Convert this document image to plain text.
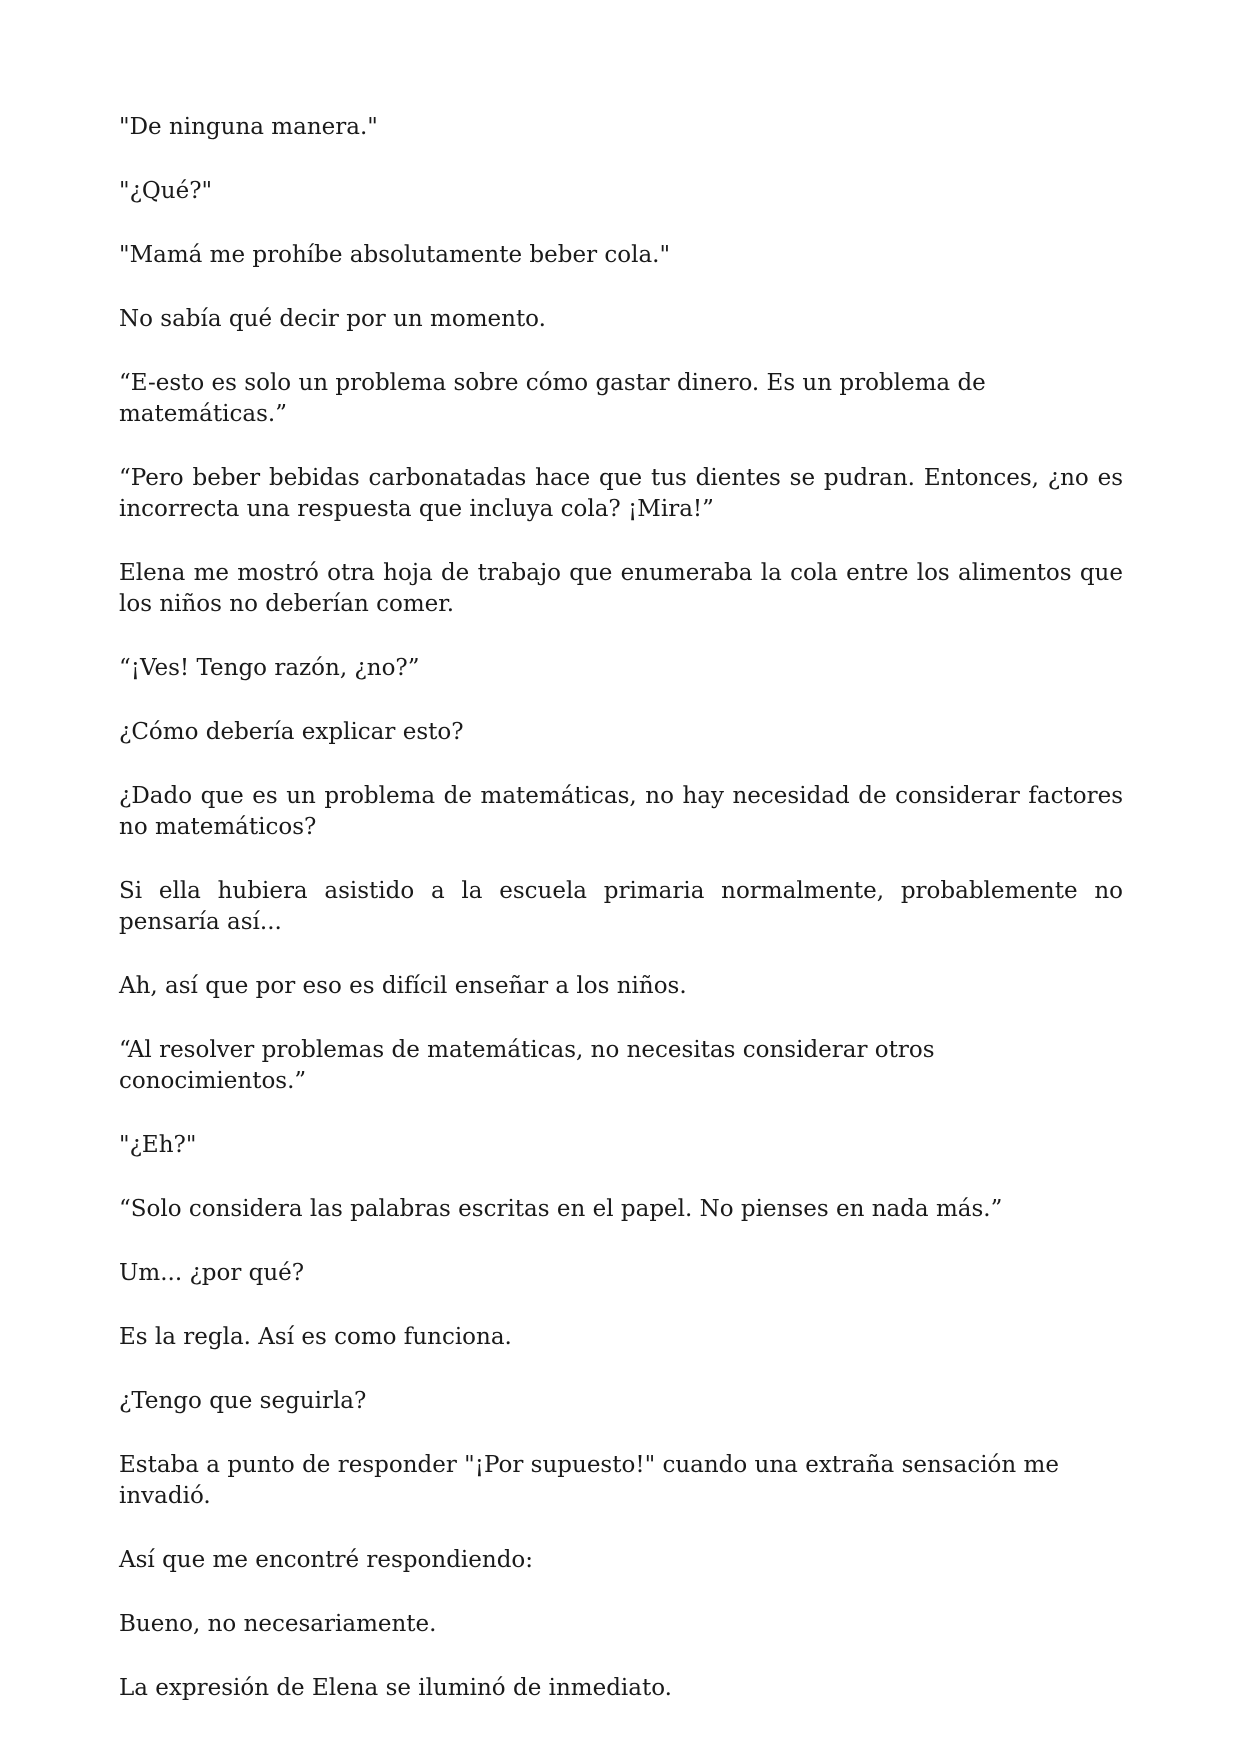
"De ninguna manera."

"¿Qué?"

"Mamá me prohíbe absolutamente beber cola."

No sabía qué decir por un momento.

“E-esto es solo un problema sobre cómo gastar dinero. Es un problema de matemáticas.”

“Pero beber bebidas carbonatadas hace que tus dientes se pudran. Entonces, ¿no es incorrecta una respuesta que incluya cola? ¡Mira!”

Elena me mostró otra hoja de trabajo que enumeraba la cola entre los alimentos que los niños no deberían comer.

“¡Ves! Tengo razón, ¿no?”

¿Cómo debería explicar esto?

¿Dado que es un problema de matemáticas, no hay necesidad de considerar factores no matemáticos?

Si ella hubiera asistido a la escuela primaria normalmente, probablemente no pensaría así...

Ah, así que por eso es difícil enseñar a los niños.

“Al resolver problemas de matemáticas, no necesitas considerar otros conocimientos.”

"¿Eh?"

“Solo considera las palabras escritas en el papel. No pienses en nada más.”

Um... ¿por qué?

Es la regla. Así es como funciona.

¿Tengo que seguirla?

Estaba a punto de responder "¡Por supuesto!" cuando una extraña sensación me invadió.

Así que me encontré respondiendo:

Bueno, no necesariamente.

La expresión de Elena se iluminó de inmediato.
